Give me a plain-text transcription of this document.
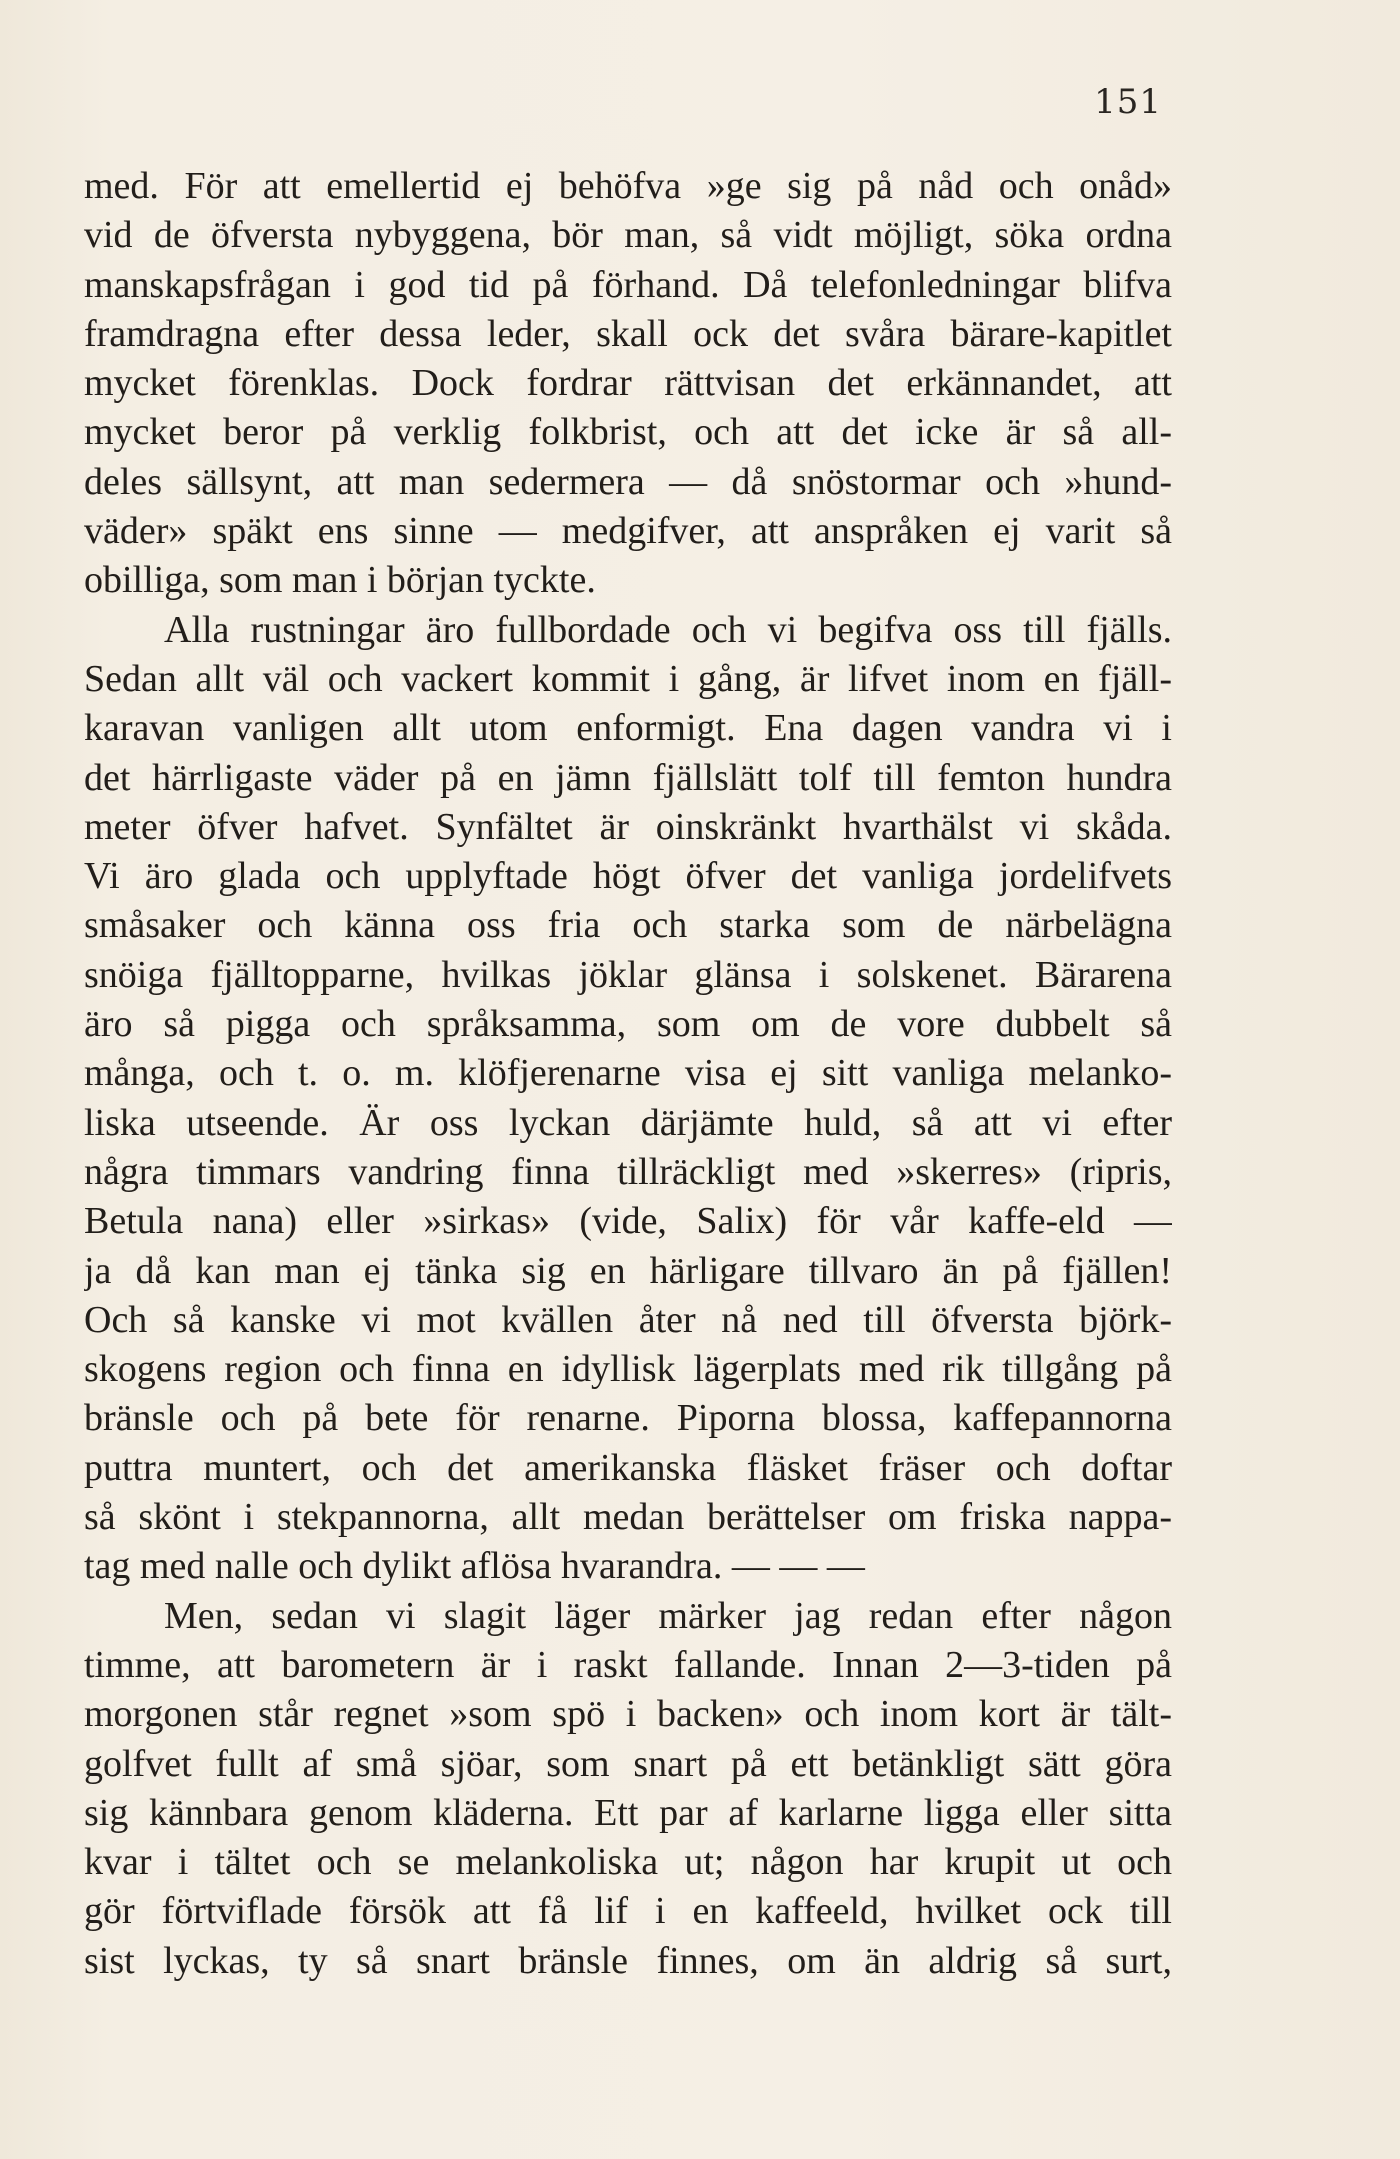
151
med. För att emellertid ej behöfva »ge sig på nåd och onåd»
vid de öfversta nybyggena, bör man, så vidt möjligt, söka ordna
manskapsfrågan i god tid på förhand. Då telefonledningar blifva
framdragna efter dessa leder, skall ock det svåra bärare-kapitlet
mycket förenklas. Dock fordrar rättvisan det erkännandet, att
mycket beror på verklig folkbrist, och att det icke är så all-
deles sällsynt, att man sedermera — då snöstormar och »hund-
väder» späkt ens sinne — medgifver, att anspråken ej varit så
obilliga, som man i början tyckte.
Alla rustningar äro fullbordade och vi begifva oss till fjälls.
Sedan allt väl och vackert kommit i gång, är lifvet inom en fjäll-
karavan vanligen allt utom enformigt. Ena dagen vandra vi i
det härrligaste väder på en jämn fjällslätt tolf till femton hundra
meter öfver hafvet. Synfältet är oinskränkt hvarthälst vi skåda.
Vi äro glada och upplyftade högt öfver det vanliga jordelifvets
småsaker och känna oss fria och starka som de närbelägna
snöiga fjälltopparne, hvilkas jöklar glänsa i solskenet. Bärarena
äro så pigga och språksamma, som om de vore dubbelt så
många, och t. o. m. klöfjerenarne visa ej sitt vanliga melanko-
liska utseende. Är oss lyckan därjämte huld, så att vi efter
några timmars vandring finna tillräckligt med »skerres» (ripris,
Betula nana) eller »sirkas» (vide, Salix) för vår kaffe-eld —
ja då kan man ej tänka sig en härligare tillvaro än på fjällen!
Och så kanske vi mot kvällen åter nå ned till öfversta björk-
skogens region och finna en idyllisk lägerplats med rik tillgång på
bränsle och på bete för renarne. Piporna blossa, kaffepannorna
puttra muntert, och det amerikanska fläsket fräser och doftar
så skönt i stekpannorna, allt medan berättelser om friska nappa-
tag med nalle och dylikt aflösa hvarandra. — — —
Men, sedan vi slagit läger märker jag redan efter någon
timme, att barometern är i raskt fallande. Innan 2—3-tiden på
morgonen står regnet »som spö i backen» och inom kort är tält-
golfvet fullt af små sjöar, som snart på ett betänkligt sätt göra
sig kännbara genom kläderna. Ett par af karlarne ligga eller sitta
kvar i tältet och se melankoliska ut; någon har krupit ut och
gör förtviflade försök att få lif i en kaffeeld, hvilket ock till
sist lyckas, ty så snart bränsle finnes, om än aldrig så surt,
